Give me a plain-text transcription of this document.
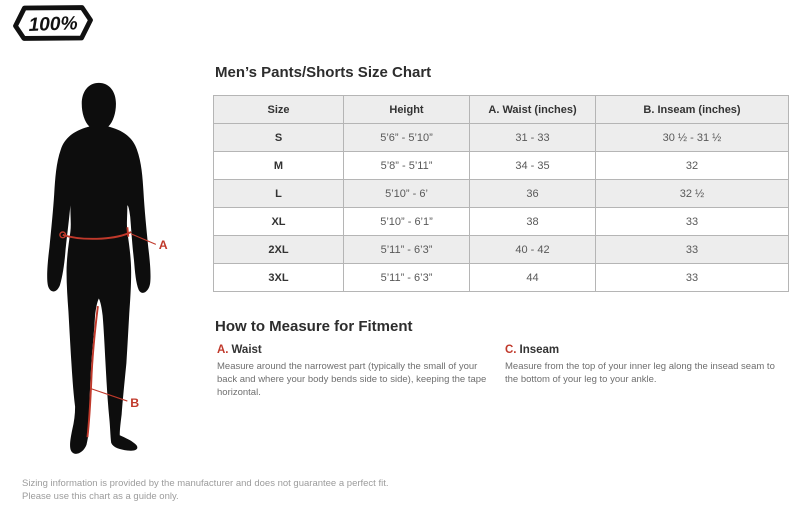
100%
A
B
Men’s Pants/Shorts Size Chart
Size	Height	A. Waist (inches)	B. Inseam (inches)
S	5’6” - 5’10”	31 - 33	30 ½ - 31 ½
M	5’8” - 5’11”	34 - 35	32
L	5’10” - 6’	36	32 ½
XL	5’10” - 6’1”	38	33
2XL	5’11” - 6’3”	40 - 42	33
3XL	5’11” - 6’3”	44	33
How to Measure for Fitment
A. Waist

Measure around the narrowest part (typically the small of your back and where your body bends side to side), keeping the tape horizontal.

C. Inseam

Measure from the top of your inner leg along the insead seam to the bottom of your leg to your ankle.

Sizing information is provided by the manufacturer and does not guarantee a perfect fit.
Please use this chart as a guide only.
